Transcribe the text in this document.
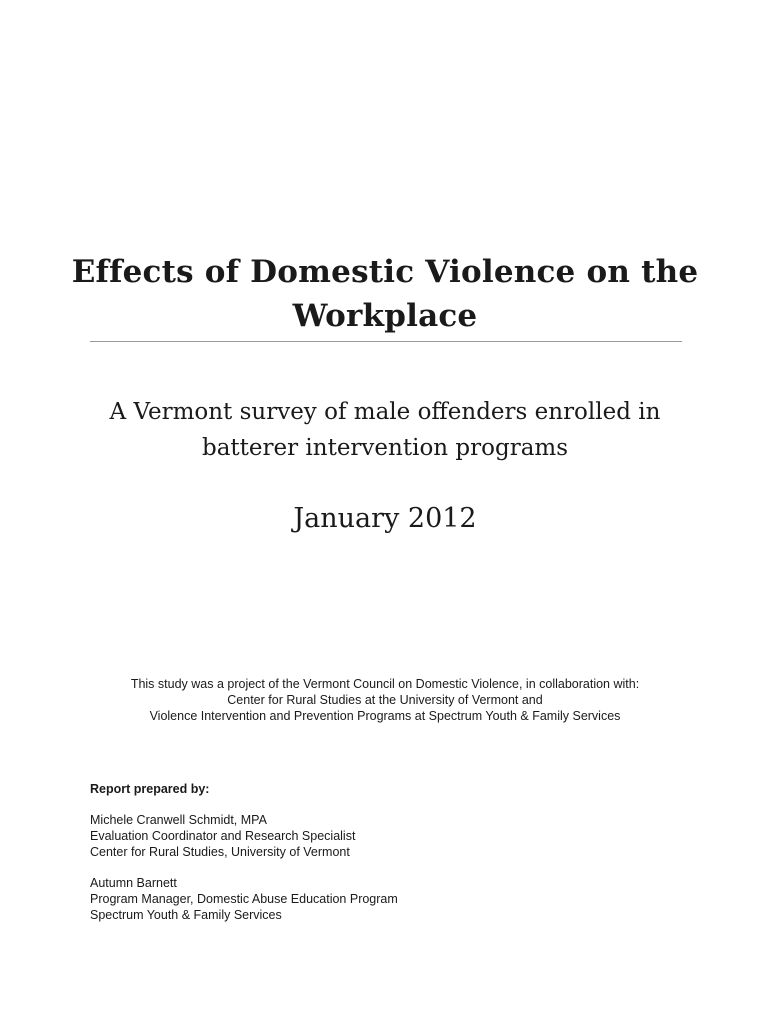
Effects of Domestic Violence on the
Workplace
A Vermont survey of male offenders enrolled in
batterer intervention programs
January 2012
This study was a project of the Vermont Council on Domestic Violence, in collaboration with:
Center for Rural Studies at the University of Vermont and
Violence Intervention and Prevention Programs at Spectrum Youth & Family Services
Report prepared by:
Michele Cranwell Schmidt, MPA
Evaluation Coordinator and Research Specialist
Center for Rural Studies, University of Vermont
Autumn Barnett
Program Manager, Domestic Abuse Education Program
Spectrum Youth & Family Services
